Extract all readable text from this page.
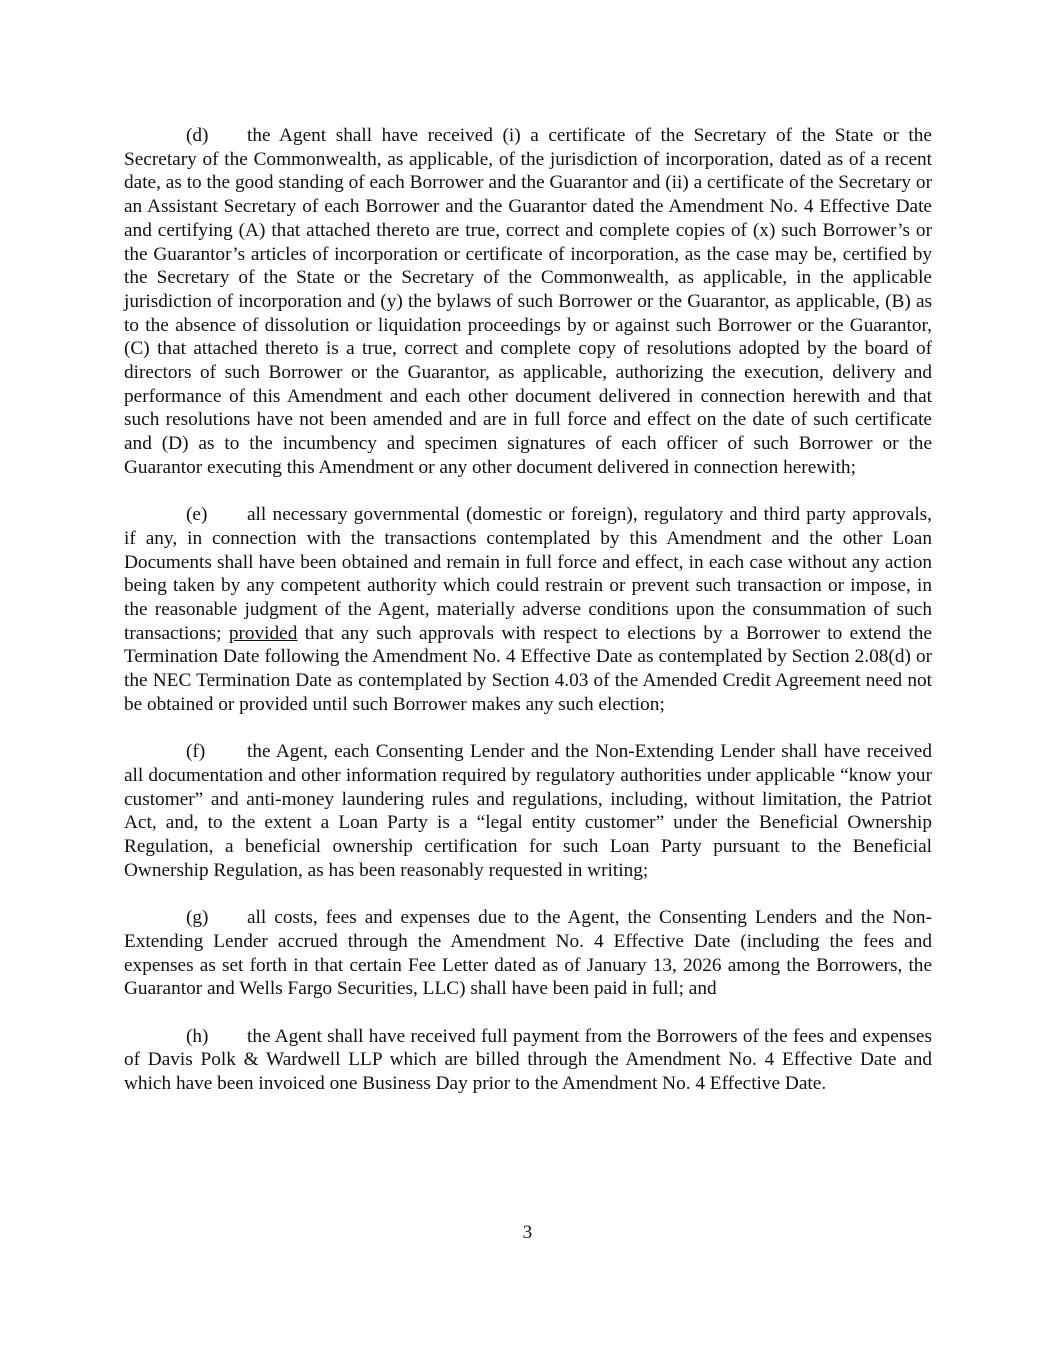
(d) the Agent shall have received (i) a certificate of the Secretary of the State or the Secretary of the Commonwealth, as applicable, of the jurisdiction of incorporation, dated as of a recent date, as to the good standing of each Borrower and the Guarantor and (ii) a certificate of the Secretary or an Assistant Secretary of each Borrower and the Guarantor dated the Amendment No. 4 Effective Date and certifying (A) that attached thereto are true, correct and complete copies of (x) such Borrower’s or the Guarantor’s articles of incorporation or certificate of incorporation, as the case may be, certified by the Secretary of the State or the Secretary of the Commonwealth, as applicable, in the applicable jurisdiction of incorporation and (y) the bylaws of such Borrower or the Guarantor, as applicable, (B) as to the absence of dissolution or liquidation proceedings by or against such Borrower or the Guarantor, (C) that attached thereto is a true, correct and complete copy of resolutions adopted by the board of directors of such Borrower or the Guarantor, as applicable, authorizing the execution, delivery and performance of this Amendment and each other document delivered in connection herewith and that such resolutions have not been amended and are in full force and effect on the date of such certificate and (D) as to the incumbency and specimen signatures of each officer of such Borrower or the Guarantor executing this Amendment or any other document delivered in connection herewith;

(e) all necessary governmental (domestic or foreign), regulatory and third party approvals, if any, in connection with the transactions contemplated by this Amendment and the other Loan Documents shall have been obtained and remain in full force and effect, in each case without any action being taken by any competent authority which could restrain or prevent such transaction or impose, in the reasonable judgment of the Agent, materially adverse conditions upon the consummation of such transactions; provided that any such approvals with respect to elections by a Borrower to extend the Termination Date following the Amendment No. 4 Effective Date as contemplated by Section 2.08(d) or the NEC Termination Date as contemplated by Section 4.03 of the Amended Credit Agreement need not be obtained or provided until such Borrower makes any such election;

(f) the Agent, each Consenting Lender and the Non-Extending Lender shall have received all documentation and other information required by regulatory authorities under applicable “know your customer” and anti-money laundering rules and regulations, including, without limitation, the Patriot Act, and, to the extent a Loan Party is a “legal entity customer” under the Beneficial Ownership Regulation, a beneficial ownership certification for such Loan Party pursuant to the Beneficial Ownership Regulation, as has been reasonably requested in writing;

(g) all costs, fees and expenses due to the Agent, the Consenting Lenders and the Non-Extending Lender accrued through the Amendment No. 4 Effective Date (including the fees and expenses as set forth in that certain Fee Letter dated as of January 13, 2026 among the Borrowers, the Guarantor and Wells Fargo Securities, LLC) shall have been paid in full; and

(h) the Agent shall have received full payment from the Borrowers of the fees and expenses of Davis Polk & Wardwell LLP which are billed through the Amendment No. 4 Effective Date and which have been invoiced one Business Day prior to the Amendment No. 4 Effective Date.

3
